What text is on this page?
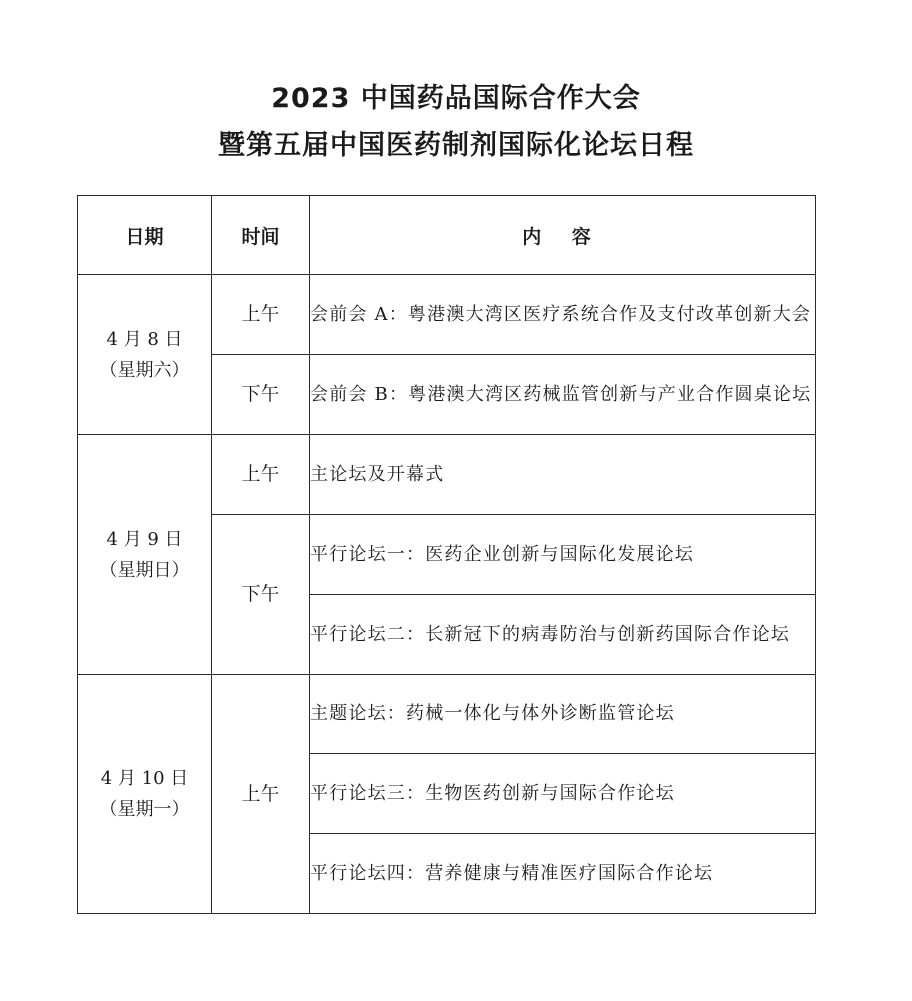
2023 中国药品国际合作大会
暨第五届中国医药制剂国际化论坛日程
日期	时间	内 容

4 月 8 日
（星期六）	上午	会前会 A：粤港澳大湾区医疗系统合作及支付改革创新大会
	下午	会前会 B：粤港澳大湾区药械监管创新与产业合作圆桌论坛

4 月 9 日
（星期日）	上午	主论坛及开幕式
	下午	平行论坛一：医药企业创新与国际化发展论坛
		平行论坛二：长新冠下的病毒防治与创新药国际合作论坛

4 月 10 日
（星期一）	上午	主题论坛：药械一体化与体外诊断监管论坛
		平行论坛三：生物医药创新与国际合作论坛
		平行论坛四：营养健康与精准医疗国际合作论坛
